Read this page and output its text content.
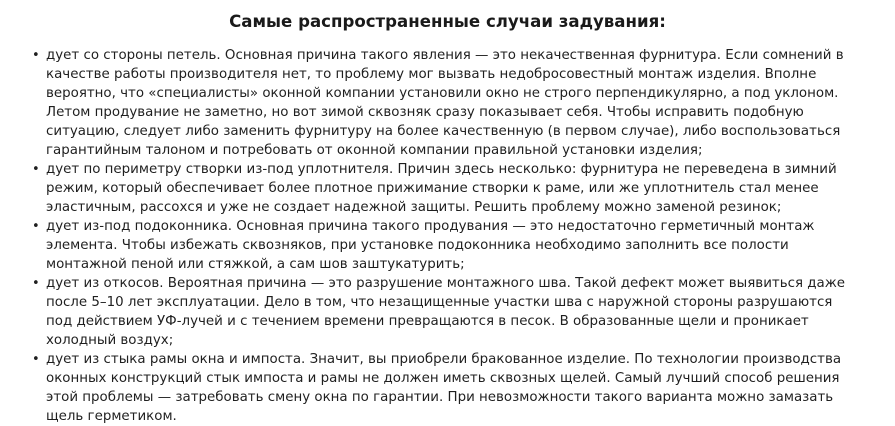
Самые распространенные случаи задувания:
• дует со стороны петель. Основная причина такого явления — это некачественная фурнитура. Если сомнений в качестве работы производителя нет, то проблему мог вызвать недобросовестный монтаж изделия. Вполне вероятно, что «специалисты» оконной компании установили окно не строго перпендикулярно, а под уклоном. Летом продувание не заметно, но вот зимой сквозняк сразу показывает себя. Чтобы исправить подобную ситуацию, следует либо заменить фурнитуру на более качественную (в первом случае), либо воспользоваться гарантийным талоном и потребовать от оконной компании правильной установки изделия;
• дует по периметру створки из-под уплотнителя. Причин здесь несколько: фурнитура не переведена в зимний режим, который обеспечивает более плотное прижимание створки к раме, или же уплотнитель стал менее эластичным, рассохся и уже не создает надежной защиты. Решить проблему можно заменой резинок;
• дует из-под подоконника. Основная причина такого продувания — это недостаточно герметичный монтаж элемента. Чтобы избежать сквозняков, при установке подоконника необходимо заполнить все полости монтажной пеной или стяжкой, а сам шов заштукатурить;
• дует из откосов. Вероятная причина — это разрушение монтажного шва. Такой дефект может выявиться даже после 5–10 лет эксплуатации. Дело в том, что незащищенные участки шва с наружной стороны разрушаются под действием УФ-лучей и с течением времени превращаются в песок. В образованные щели и проникает холодный воздух;
• дует из стыка рамы окна и импоста. Значит, вы приобрели бракованное изделие. По технологии производства оконных конструкций стык импоста и рамы не должен иметь сквозных щелей. Самый лучший способ решения этой проблемы — затребовать смену окна по гарантии. При невозможности такого варианта можно замазать щель герметиком.
